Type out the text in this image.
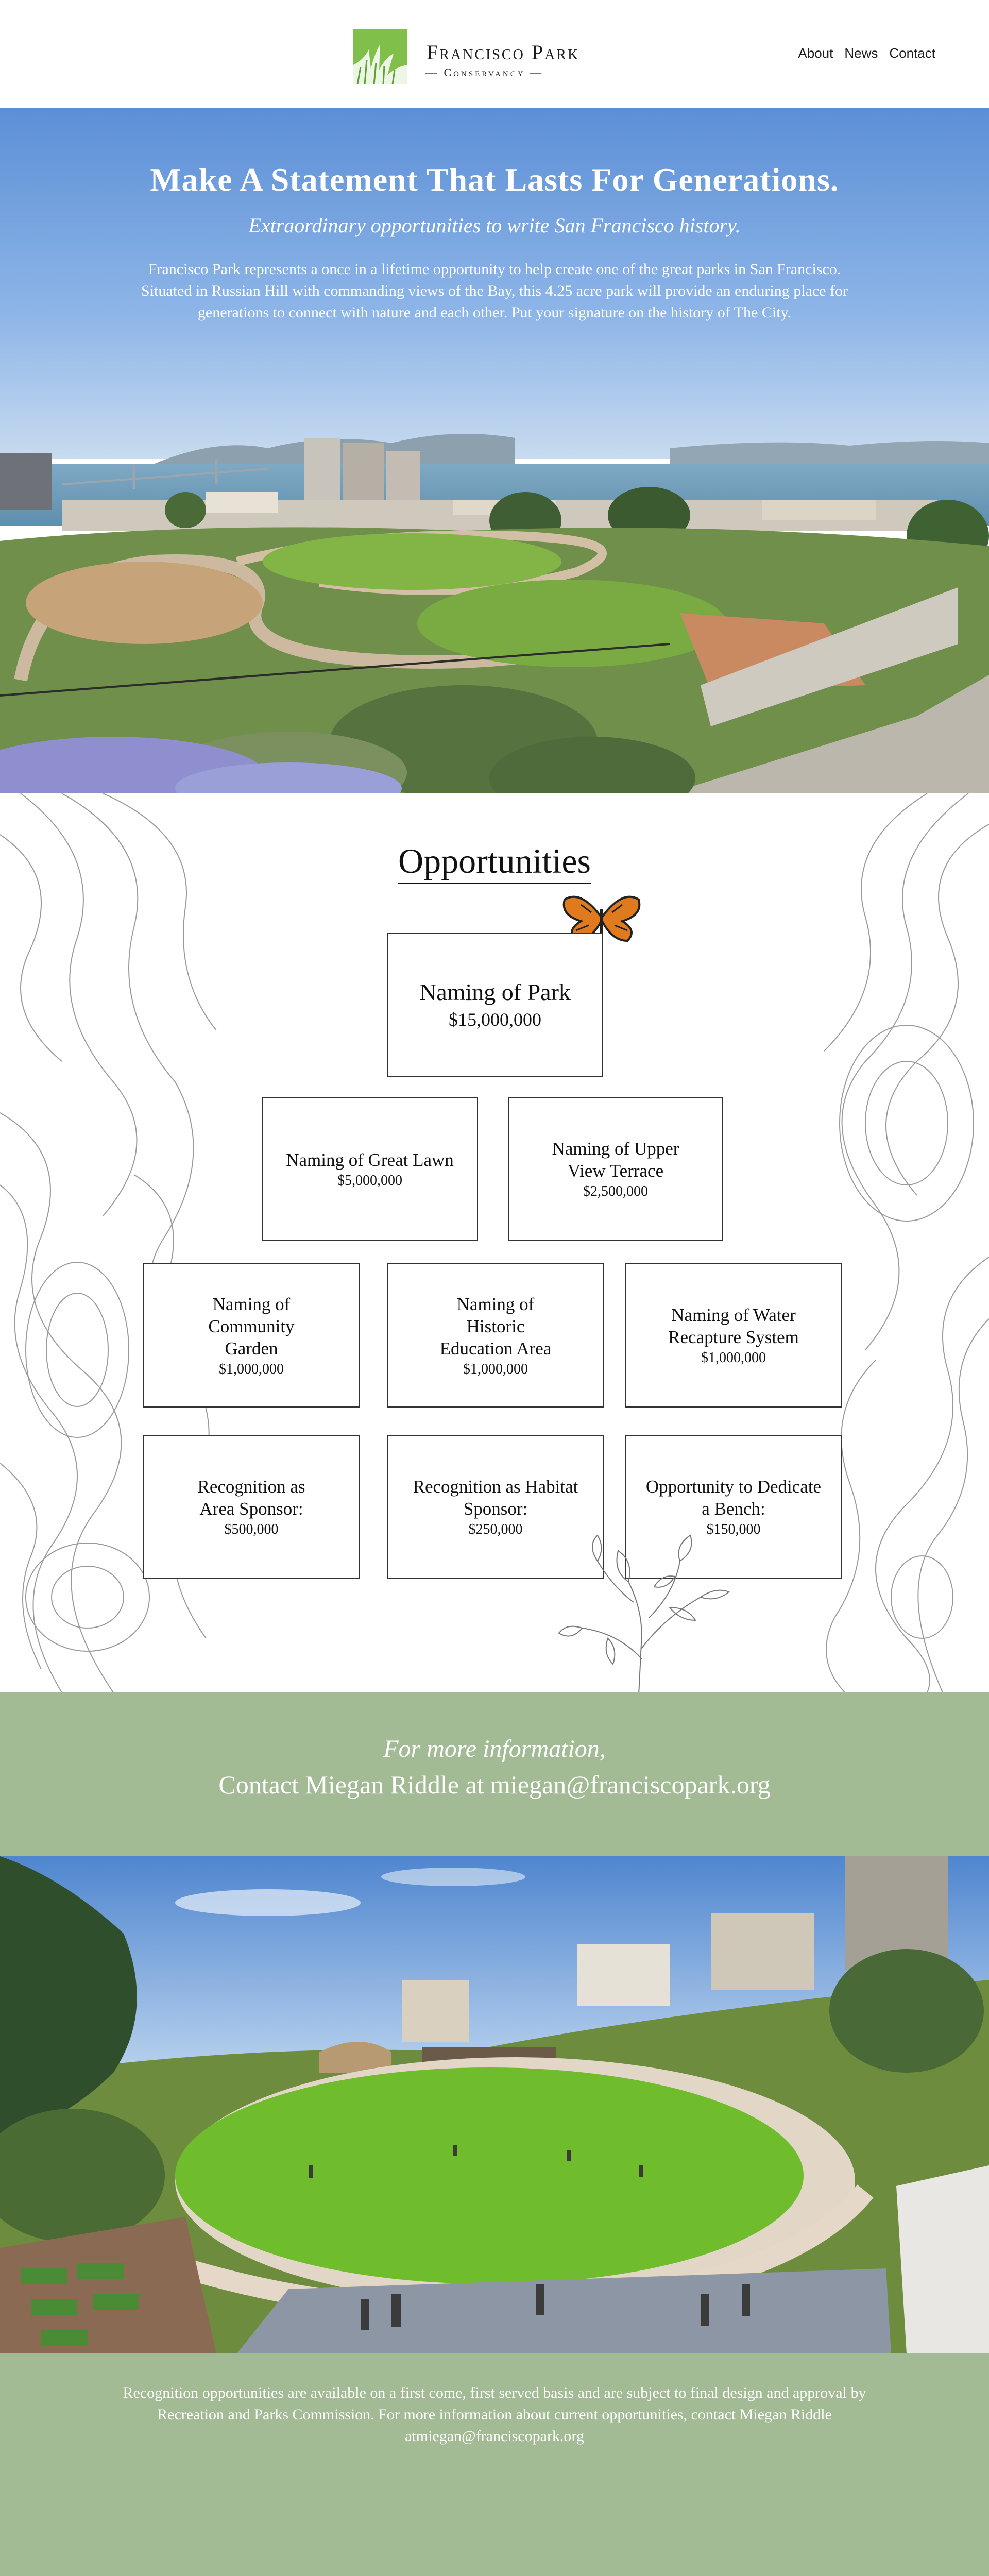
Francisco Park
— Conservancy —
About News Contact
Make A Statement That Lasts For Generations.
Extraordinary opportunities to write San Francisco history.

Francisco Park represents a once in a lifetime opportunity to help create one of the great parks in San Francisco. Situated in Russian Hill with commanding views of the Bay, this 4.25 acre park will provide an enduring place for generations to connect with nature and each other. Put your signature on the history of The City.

Opportunities
Naming of Park
$15,000,000
Naming of Great Lawn
$5,000,000
Naming of Upper View Terrace
$2,500,000
Naming of Community Garden
$1,000,000
Naming of Historic Education Area
$1,000,000
Naming of Water Recapture System
$1,000,000
Recognition as Area Sponsor:
$500,000
Recognition as Habitat Sponsor:
$250,000
Opportunity to Dedicate a Bench:
$150,000
For more information,
Contact Miegan Riddle at miegan@franciscopark.org

Recognition opportunities are available on a first come, first served basis and are subject to final design and approval by Recreation and Parks Commission. For more information about current opportunities, contact Miegan Riddle atmiegan@franciscopark.org
